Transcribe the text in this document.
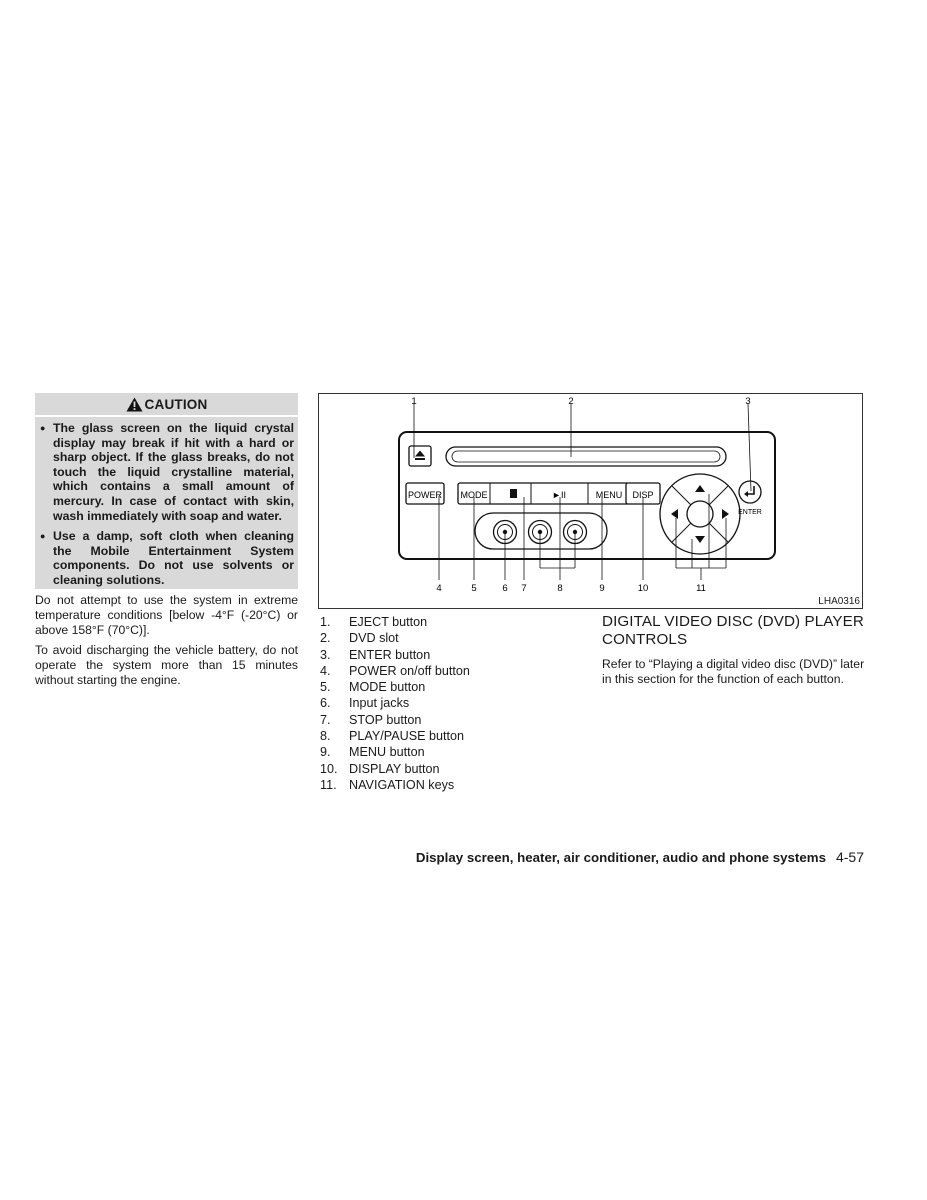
CAUTION
● The glass screen on the liquid crystal display may break if hit with a hard or sharp object. If the glass breaks, do not touch the liquid crystalline material, which contains a small amount of mercury. In case of contact with skin, wash immediately with soap and water.
● Use a damp, soft cloth when cleaning the Mobile Entertainment System components. Do not use solvents or cleaning solutions.

Do not attempt to use the system in extreme temperature conditions [below -4°F (-20°C) or above 158°F (70°C)].

To avoid discharging the vehicle battery, do not operate the system more than 15 minutes without starting the engine.

POWER MODE	►II	MENU DISP
ENTER
1	2	3
4	5	6 7	8	9	10	11
LHA0316
1.	EJECT button
2.	DVD slot
3.	ENTER button
4.	POWER on/off button
5.	MODE button
6.	Input jacks
7.	STOP button
8.	PLAY/PAUSE button
9.	MENU button
10. DISPLAY button
11. NAVIGATION keys
DIGITAL VIDEO DISC (DVD) PLAYER CONTROLS

Refer to “Playing a digital video disc (DVD)” later in this section for the function of each button.

Display screen, heater, air conditioner, audio and phone systems 4-57
